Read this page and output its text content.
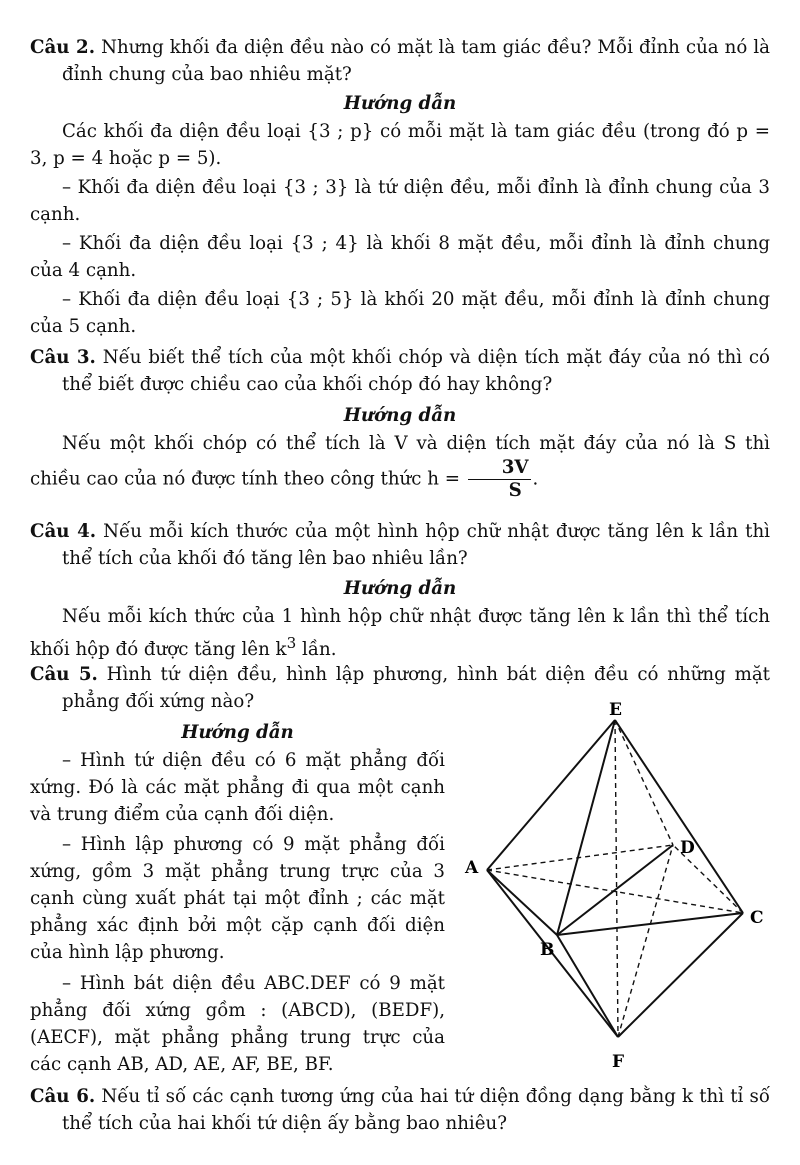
Câu 2. Nhưng khối đa diện đều nào có mặt là tam giác đều? Mỗi đỉnh của nó là đỉnh chung của bao nhiêu mặt?

Hướng dẫn

Các khối đa diện đều loại {3 ; p} có mỗi mặt là tam giác đều (trong đó p = 3, p = 4 hoặc p = 5).

– Khối đa diện đều loại {3 ; 3} là tứ diện đều, mỗi đỉnh là đỉnh chung của 3 cạnh.

– Khối đa diện đều loại {3 ; 4} là khối 8 mặt đều, mỗi đỉnh là đỉnh chung của 4 cạnh.

– Khối đa diện đều loại {3 ; 5} là khối 20 mặt đều, mỗi đỉnh là đỉnh chung của 5 cạnh.

Câu 3. Nếu biết thể tích của một khối chóp và diện tích mặt đáy của nó thì có thể biết được chiều cao của khối chóp đó hay không?

Hướng dẫn

Nếu một khối chóp có thể tích là V và diện tích mặt đáy của nó là S thì chiều cao của nó được tính theo công thức $h = \frac{3V}{S}$ .

Câu 4. Nếu mỗi kích thước của một hình hộp chữ nhật được tăng lên k lần thì thể tích của khối đó tăng lên bao nhiêu lần?

Hướng dẫn

Nếu mỗi kích thức của 1 hình hộp chữ nhật được tăng lên k lần thì thể tích khối hộp đó được tăng lên $k^3$ lần.

Câu 5. Hình tứ diện đều, hình lập phương, hình bát diện đều có những mặt phẳng đối xứng nào?

Hướng dẫn

– Hình tứ diện đều có 6 mặt phẳng đối xứng. Đó là các mặt phẳng đi qua một cạnh và trung điểm của cạnh đối diện.

– Hình lập phương có 9 mặt phẳng đối xứng, gồm 3 mặt phẳng trung trực của 3 cạnh cùng xuất phát tại một đỉnh ; các mặt phẳng xác định bởi một cặp cạnh đối diện của hình lập phương.

– Hình bát diện đều ABC.DEF có 9 mặt phẳng đối xứng gồm : (ABCD), (BEDF), (AECF), mặt phẳng phẳng trung trực của các cạnh AB, AD, AE, AF, BE, BF.

E
A
B
C
D
F

Câu 6. Nếu tỉ số các cạnh tương ứng của hai tứ diện đồng dạng bằng k thì tỉ số thể tích của hai khối tứ diện ấy bằng bao nhiêu?
